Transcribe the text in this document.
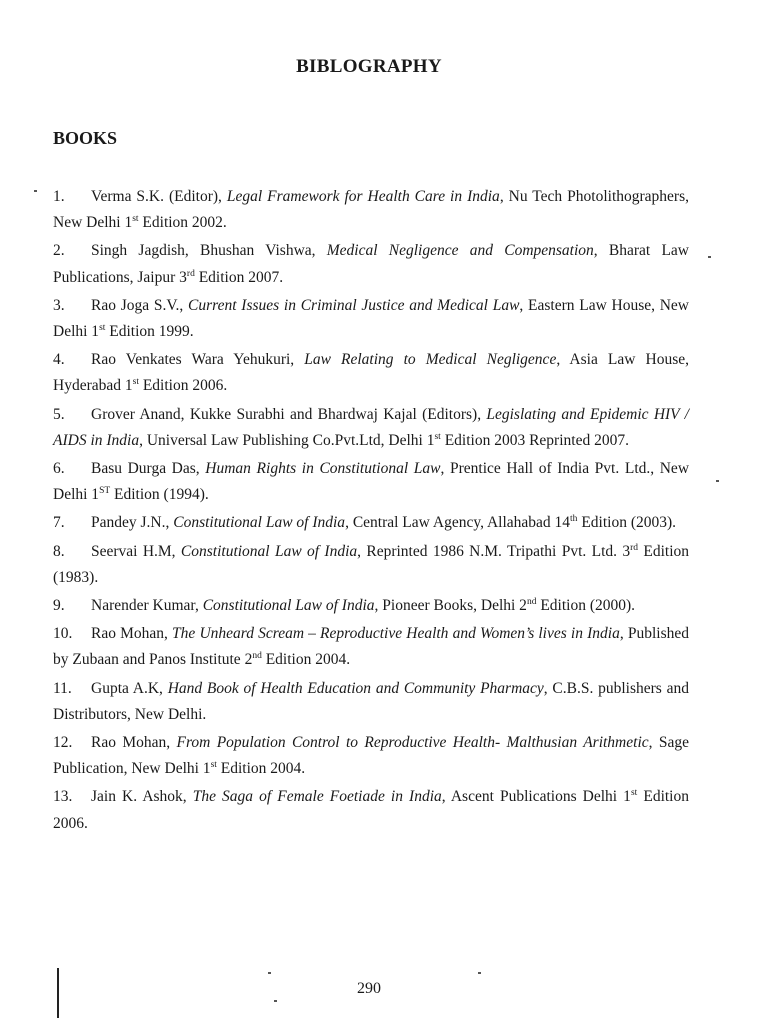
BIBLOGRAPHY
BOOKS
1. Verma S.K. (Editor), Legal Framework for Health Care in India, Nu Tech Photolithographers, New Delhi 1st Edition 2002.
2. Singh Jagdish, Bhushan Vishwa, Medical Negligence and Compensation, Bharat Law Publications, Jaipur 3rd Edition 2007.
3. Rao Joga S.V., Current Issues in Criminal Justice and Medical Law, Eastern Law House, New Delhi 1st Edition 1999.
4. Rao Venkates Wara Yehukuri, Law Relating to Medical Negligence, Asia Law House, Hyderabad 1st Edition 2006.
5. Grover Anand, Kukke Surabhi and Bhardwaj Kajal (Editors), Legislating and Epidemic HIV / AIDS in India, Universal Law Publishing Co.Pvt.Ltd, Delhi 1st Edition 2003 Reprinted 2007.
6. Basu Durga Das, Human Rights in Constitutional Law, Prentice Hall of India Pvt. Ltd., New Delhi 1ST Edition (1994).
7. Pandey J.N., Constitutional Law of India, Central Law Agency, Allahabad 14th Edition (2003).
8. Seervai H.M, Constitutional Law of India, Reprinted 1986 N.M. Tripathi Pvt. Ltd. 3rd Edition (1983).
9. Narender Kumar, Constitutional Law of India, Pioneer Books, Delhi 2nd Edition (2000).
10. Rao Mohan, The Unheard Scream – Reproductive Health and Women’s lives in India, Published by Zubaan and Panos Institute 2nd Edition 2004.
11. Gupta A.K, Hand Book of Health Education and Community Pharmacy, C.B.S. publishers and Distributors, New Delhi.
12. Rao Mohan, From Population Control to Reproductive Health- Malthusian Arithmetic, Sage Publication, New Delhi 1st Edition 2004.
13. Jain K. Ashok, The Saga of Female Foetiade in India, Ascent Publications Delhi 1st Edition 2006.
290
